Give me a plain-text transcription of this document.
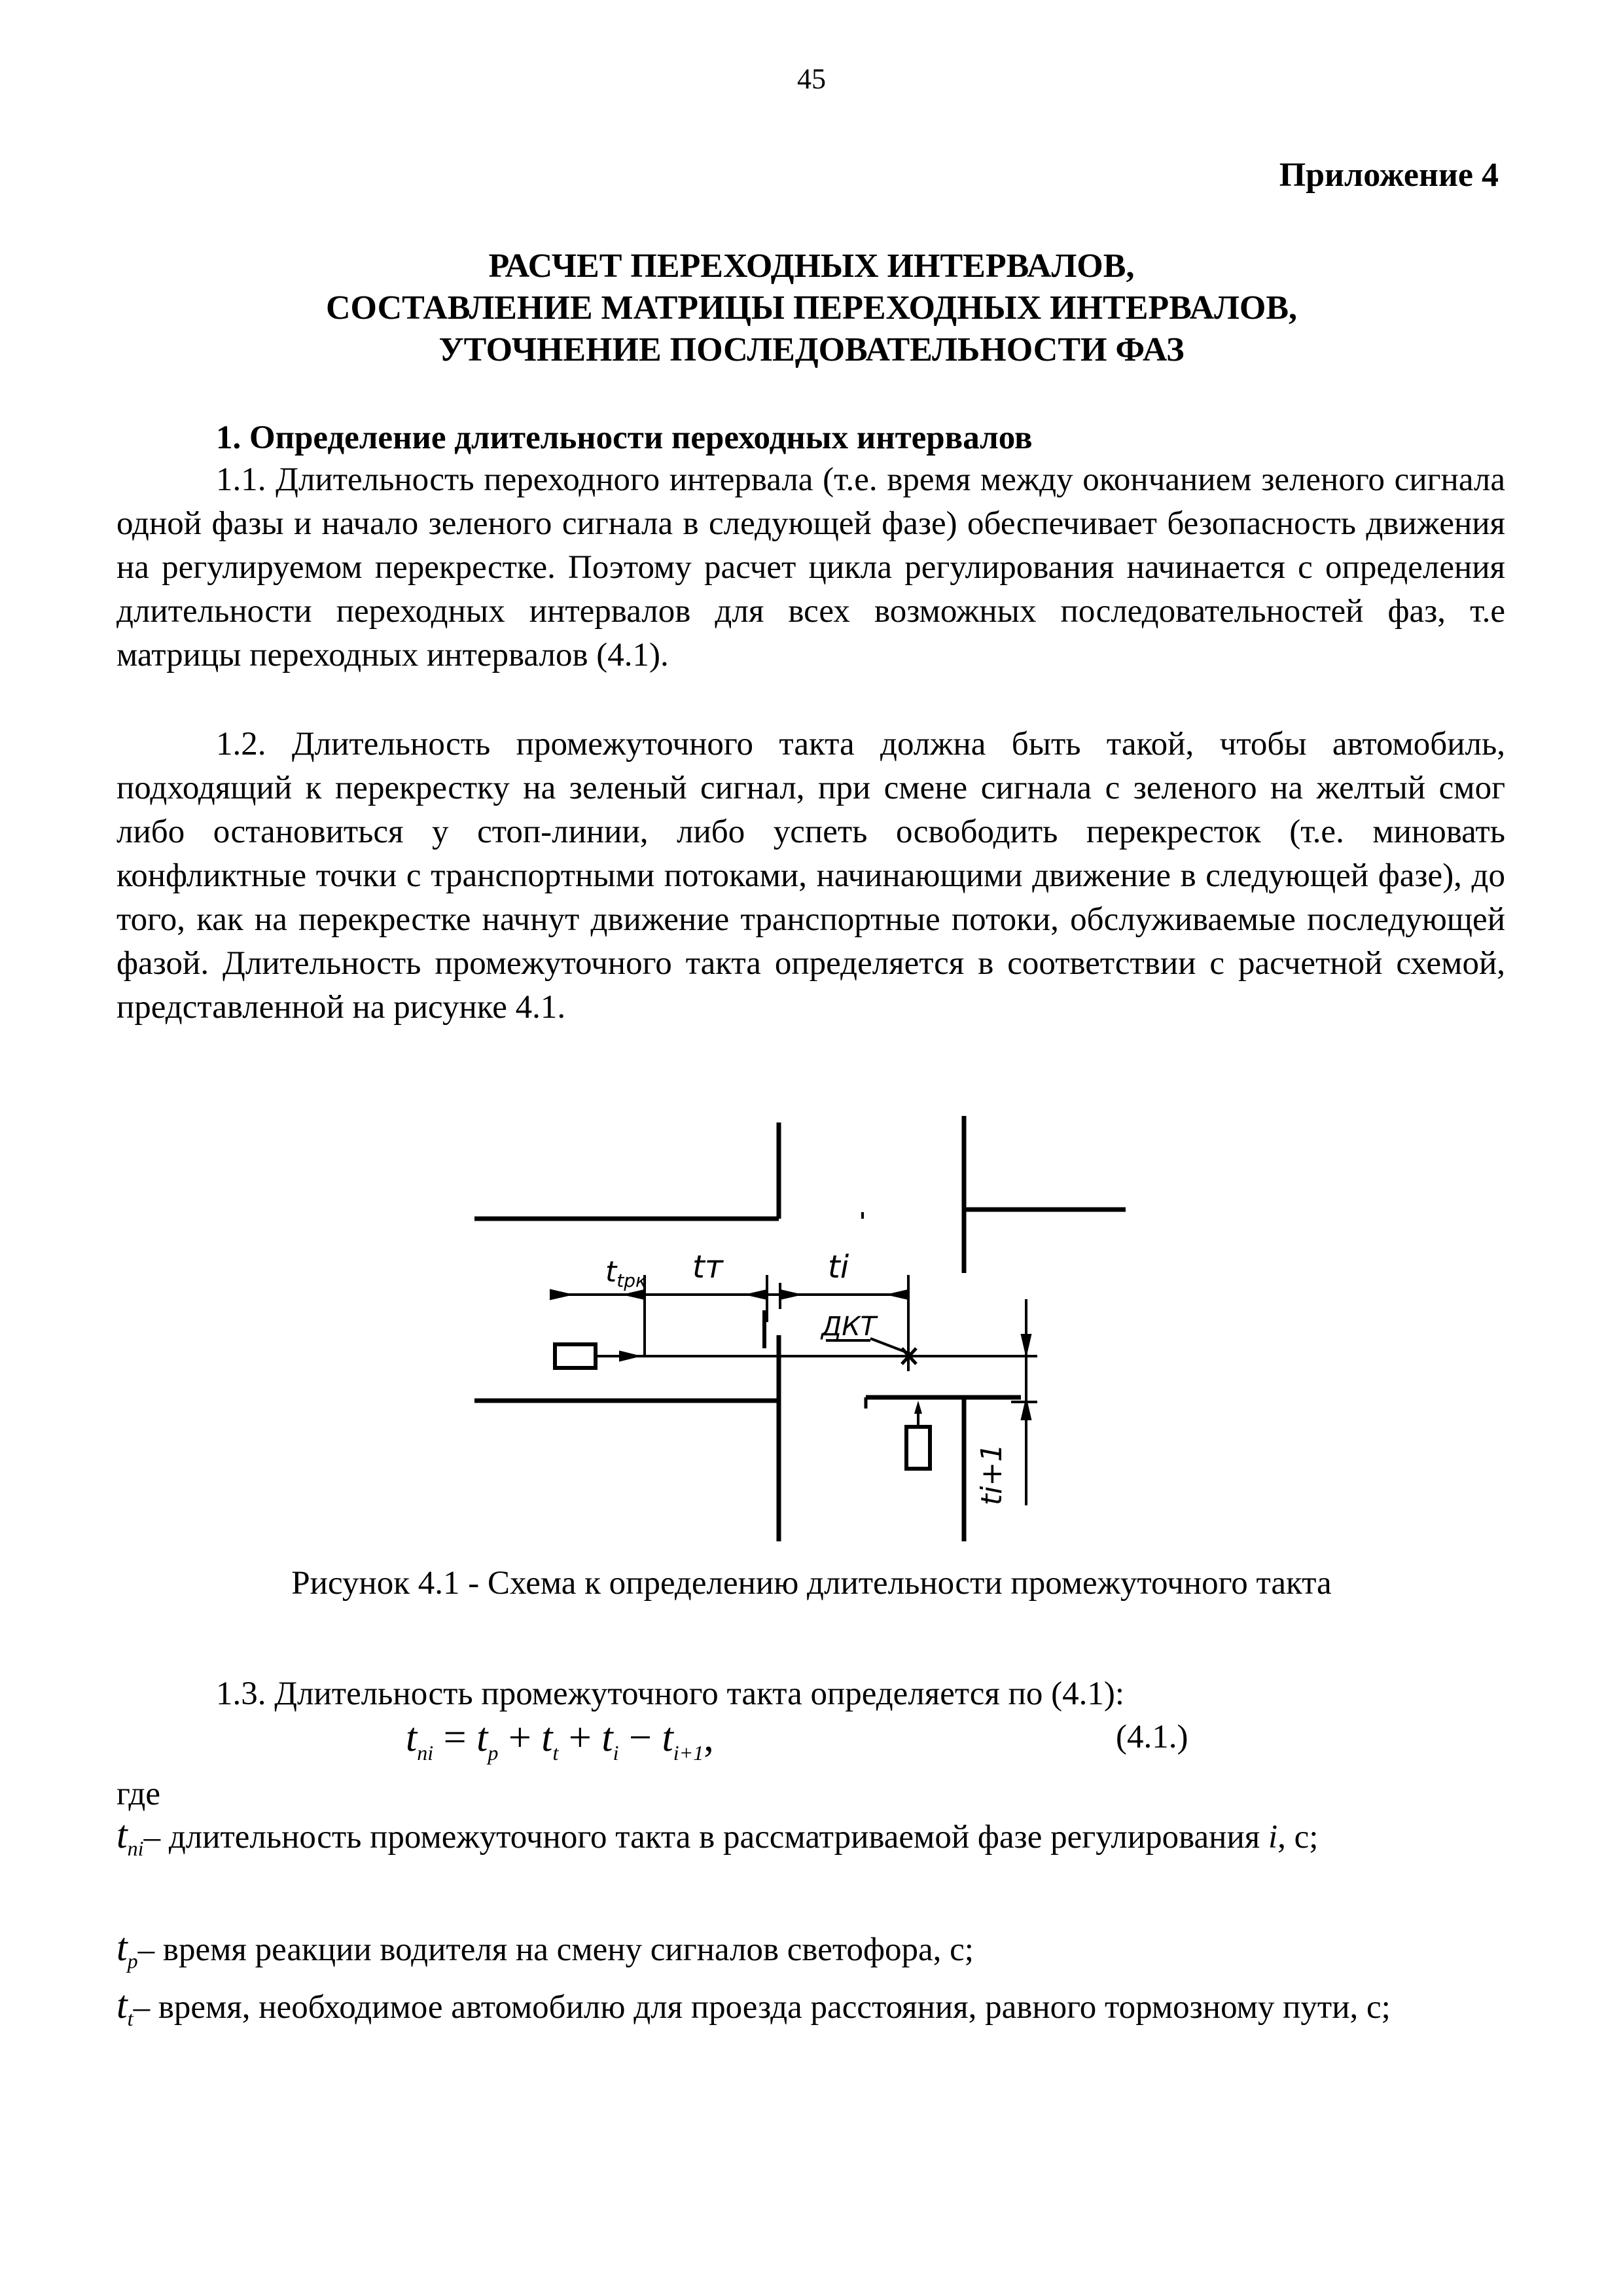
45
Приложение 4
РАСЧЕТ ПЕРЕХОДНЫХ ИНТЕРВАЛОВ,
СОСТАВЛЕНИЕ МАТРИЦЫ ПЕРЕХОДНЫХ ИНТЕРВАЛОВ,
УТОЧНЕНИЕ ПОСЛЕДОВАТЕЛЬНОСТИ ФАЗ
1. Определение длительности переходных интервалов
1.1. Длительность переходного интервала (т.е. время между окончанием зеленого сигнала одной фазы и начало зеленого сигнала в следующей фазе) обеспечивает безопасность движения на регулируемом перекрестке. Поэтому расчет цикла регулирования начинается с определения длительности переходных интервалов для всех возможных последовательностей фаз, т.е матрицы переходных интервалов (4.1).
1.2. Длительность промежуточного такта должна быть такой, чтобы автомобиль, подходящий к перекрестку на зеленый сигнал, при смене сигнала с зеленого на желтый смог либо остановиться у стоп-линии, либо успеть освободить перекресток (т.е. миновать конфликтные точки с транспортными потоками, начинающими движение в следующей фазе), до того, как на перекрестке начнут движение транспортные потоки, обслуживаемые последующей фазой. Длительность промежуточного такта определяется в соответствии с расчетной схемой, представленной на рисунке 4.1.
ttрк tт	ti
ДКТ
ti+1
Рисунок 4.1 - Схема к определению длительности промежуточного такта
1.3. Длительность промежуточного такта определяется по (4.1):
$t_{ni} = t_p + t_t + t_i - t_{i+1}$,	(4.1.)
где
$t_{ni}-$ длительность промежуточного такта в рассматриваемой фазе регулирования i, с;
$t_p-$ время реакции водителя на смену сигналов светофора, с;
$t_t-$ время, необходимое автомобилю для проезда расстояния, равного тормозному пути, с;
